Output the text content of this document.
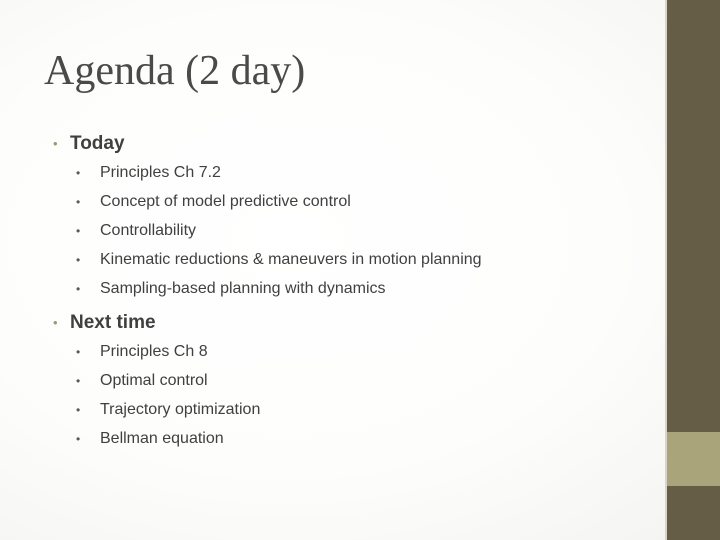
Agenda (2 day)
• Today
• Principles Ch 7.2
• Concept of model predictive control
• Controllability
• Kinematic reductions & maneuvers in motion planning
• Sampling-based planning with dynamics
• Next time
• Principles Ch 8
• Optimal control
• Trajectory optimization
• Bellman equation
